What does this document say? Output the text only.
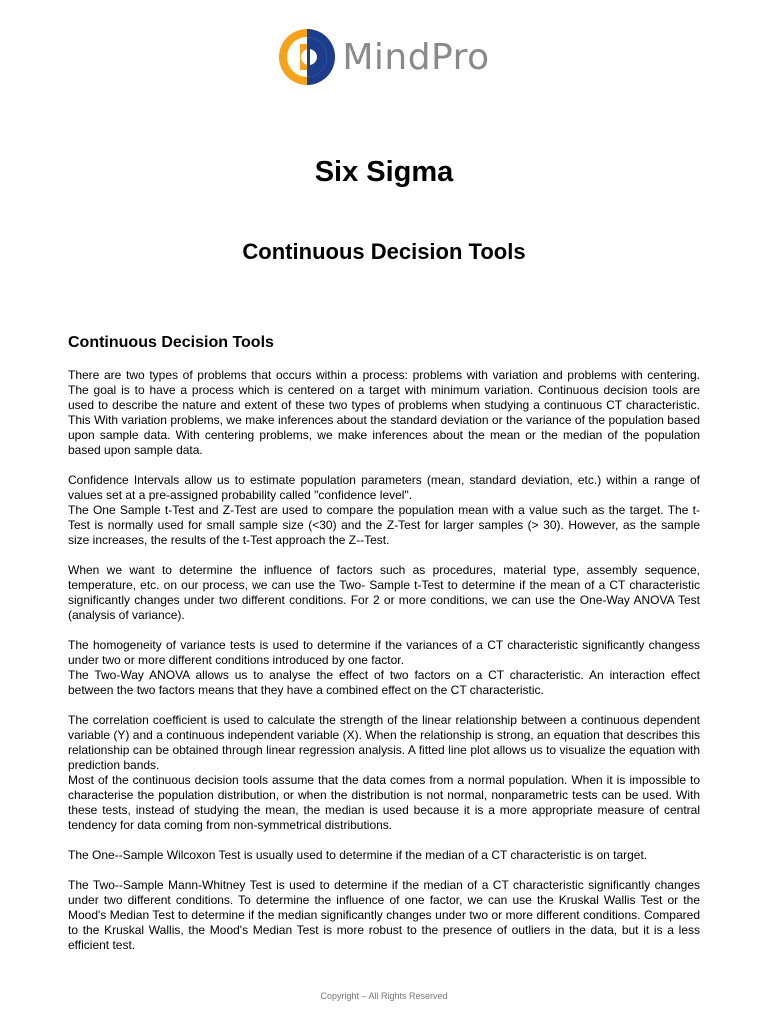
MindPro
Six Sigma
Continuous Decision Tools
Continuous Decision Tools

There are two types of problems that occurs within a process: problems with variation and problems with centering. The goal is to have a process which is centered on a target with minimum variation. Continuous decision tools are used to describe the nature and extent of these two types of problems when studying a continuous CT characteristic. This With variation problems, we make inferences about the standard deviation or the variance of the population based upon sample data. With centering problems, we make inferences about the mean or the median of the population based upon sample data.

Confidence Intervals allow us to estimate population parameters (mean, standard deviation, etc.) within a range of values set at a pre-assigned probability called "confidence level".

The One Sample t-Test and Z-Test are used to compare the population mean with a value such as the target. The t-Test is normally used for small sample size (<30) and the Z-Test for larger samples (> 30). However, as the sample size increases, the results of the t-Test approach the Z--Test.

When we want to determine the influence of factors such as procedures, material type, assembly sequence, temperature, etc. on our process, we can use the Two- Sample t-Test to determine if the mean of a CT characteristic significantly changes under two different conditions. For 2 or more conditions, we can use the One-Way ANOVA Test (analysis of variance).

The homogeneity of variance tests is used to determine if the variances of a CT characteristic significantly changess under two or more different conditions introduced by one factor.

The Two-Way ANOVA allows us to analyse the effect of two factors on a CT characteristic. An interaction effect between the two factors means that they have a combined effect on the CT characteristic.

The correlation coefficient is used to calculate the strength of the linear relationship between a continuous dependent variable (Y) and a continuous independent variable (X). When the relationship is strong, an equation that describes this relationship can be obtained through linear regression analysis. A fitted line plot allows us to visualize the equation with prediction bands.

Most of the continuous decision tools assume that the data comes from a normal population. When it is impossible to characterise the population distribution, or when the distribution is not normal, nonparametric tests can be used. With these tests, instead of studying the mean, the median is used because it is a more appropriate measure of central tendency for data coming from non-symmetrical distributions.

The One--Sample Wilcoxon Test is usually used to determine if the median of a CT characteristic is on target.

The Two--Sample Mann-Whitney Test is used to determine if the median of a CT characteristic significantly changes under two different conditions. To determine the influence of one factor, we can use the Kruskal Wallis Test or the Mood's Median Test to determine if the median significantly changes under two or more different conditions. Compared to the Kruskal Wallis, the Mood's Median Test is more robust to the presence of outliers in the data, but it is a less efficient test.

Copyright – All Rights Reserved
